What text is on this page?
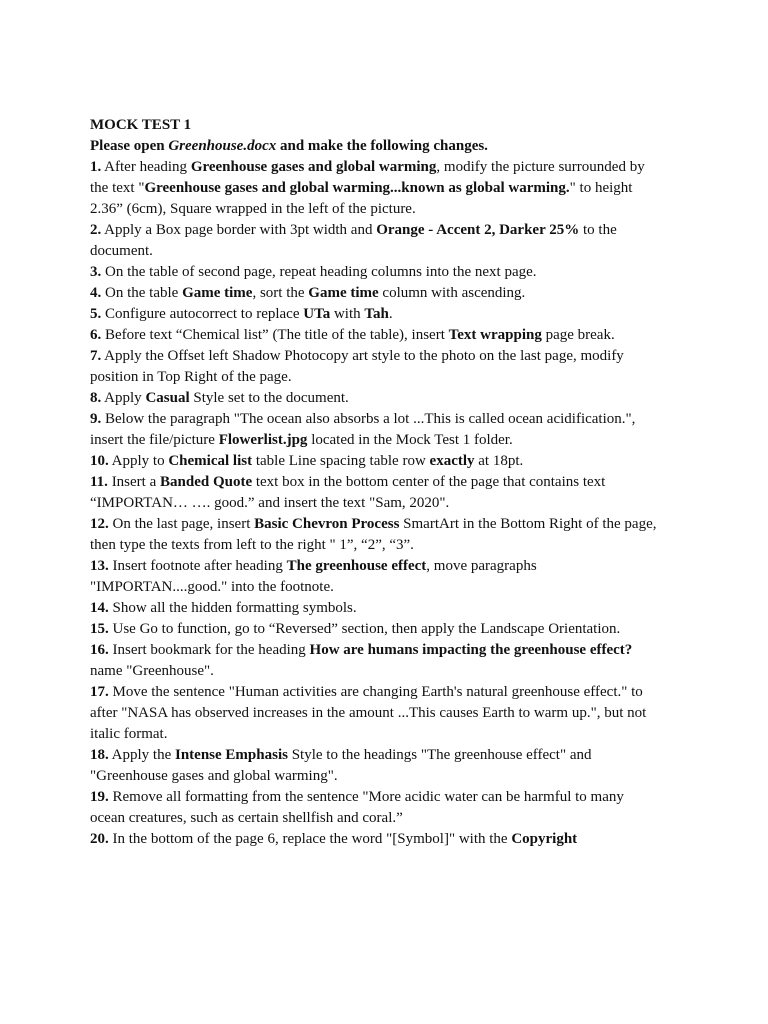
MOCK TEST 1

Please open Greenhouse.docx and make the following changes.

1. After heading Greenhouse gases and global warming, modify the picture surrounded by the text "Greenhouse gases and global warming...known as global warming." to height 2.36” (6cm), Square wrapped in the left of the picture.

2. Apply a Box page border with 3pt width and Orange - Accent 2, Darker 25% to the document.

3. On the table of second page, repeat heading columns into the next page.

4. On the table Game time, sort the Game time column with ascending.

5. Configure autocorrect to replace UTa with Tah.

6. Before text “Chemical list” (The title of the table), insert Text wrapping page break.

7. Apply the Offset left Shadow Photocopy art style to the photo on the last page, modify position in Top Right of the page.

8. Apply Casual Style set to the document.

9. Below the paragraph "The ocean also absorbs a lot ...This is called ocean acidification.", insert the file/picture Flowerlist.jpg located in the Mock Test 1 folder.

10. Apply to Chemical list table Line spacing table row exactly at 18pt.

11. Insert a Banded Quote text box in the bottom center of the page that contains text “IMPORTAN… …. good.” and insert the text "Sam, 2020".

12. On the last page, insert Basic Chevron Process SmartArt in the Bottom Right of the page, then type the texts from left to the right " 1”, “2”, “3”.

13. Insert footnote after heading The greenhouse effect, move paragraphs "IMPORTAN....good." into the footnote.

14. Show all the hidden formatting symbols.

15. Use Go to function, go to “Reversed” section, then apply the Landscape Orientation.

16. Insert bookmark for the heading How are humans impacting the greenhouse effect? name "Greenhouse".

17. Move the sentence "Human activities are changing Earth's natural greenhouse effect." to after "NASA has observed increases in the amount ...This causes Earth to warm up.", but not italic format.

18. Apply the Intense Emphasis Style to the headings "The greenhouse effect" and "Greenhouse gases and global warming".

19. Remove all formatting from the sentence "More acidic water can be harmful to many ocean creatures, such as certain shellfish and coral.”

20. In the bottom of the page 6, replace the word "[Symbol]" with the Copyright
